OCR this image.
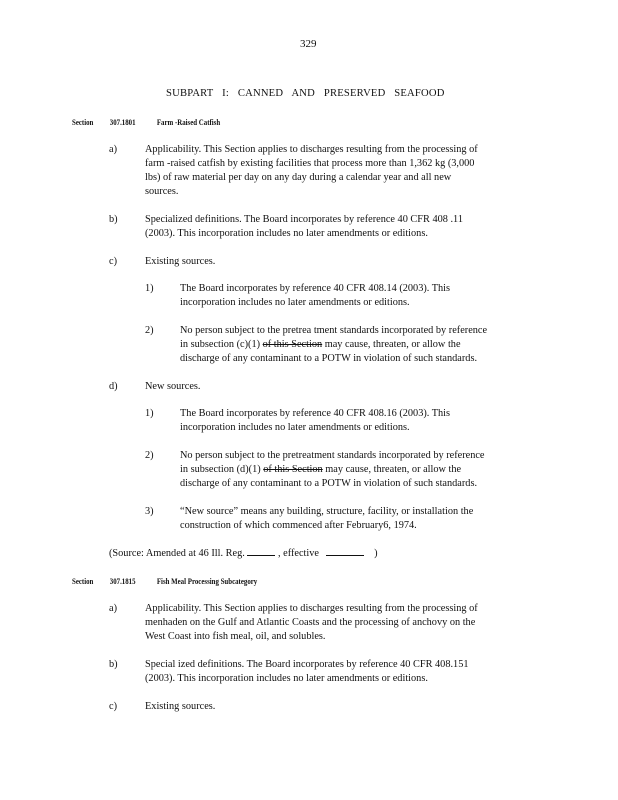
329
SUBPART I: CANNED AND PRESERVED SEAFOOD
Section 307.1801	Farm -Raised Catfish
a)	Applicability. This Section applies to discharges resulting from the processing of
farm -raised catfish by existing facilities that process more than 1,362 kg (3,000
lbs) of raw material per day on any day during a calendar year and all new
sources.
b)	Specialized definitions. The Board incorporates by reference 40 CFR 408 .11
(2003). This incorporation includes no later amendments or editions.
c)	Existing sources.
1)	The Board incorporates by reference 40 CFR 408.14 (2003). This
incorporation includes no later amendments or editions.
2)	No person subject to the pretrea tment standards incorporated by reference
in subsection (c)(1) of this Section may cause, threaten, or allow the
discharge of any contaminant to a POTW in violation of such standards.
d)	New sources.
1)	The Board incorporates by reference 40 CFR 408.16 (2003). This
incorporation includes no later amendments or editions.
2)	No person subject to the pretreatment standards incorporated by reference
in subsection (d)(1) of this Section may cause, threaten, or allow the
discharge of any contaminant to a POTW in violation of such standards.
3)	“New source” means any building, structure, facility, or installation the
construction of which commenced after February6, 1974.
(Source: Amended at 46 Ill. Reg.	, effective	)
Section 307.1815	Fish Meal Processing Subcategory
a)	Applicability. This Section applies to discharges resulting from the processing of
menhaden on the Gulf and Atlantic Coasts and the processing of anchovy on the
West Coast into fish meal, oil, and solubles.
b)	Special ized definitions. The Board incorporates by reference 40 CFR 408.151
(2003). This incorporation includes no later amendments or editions.
c)	Existing sources.
